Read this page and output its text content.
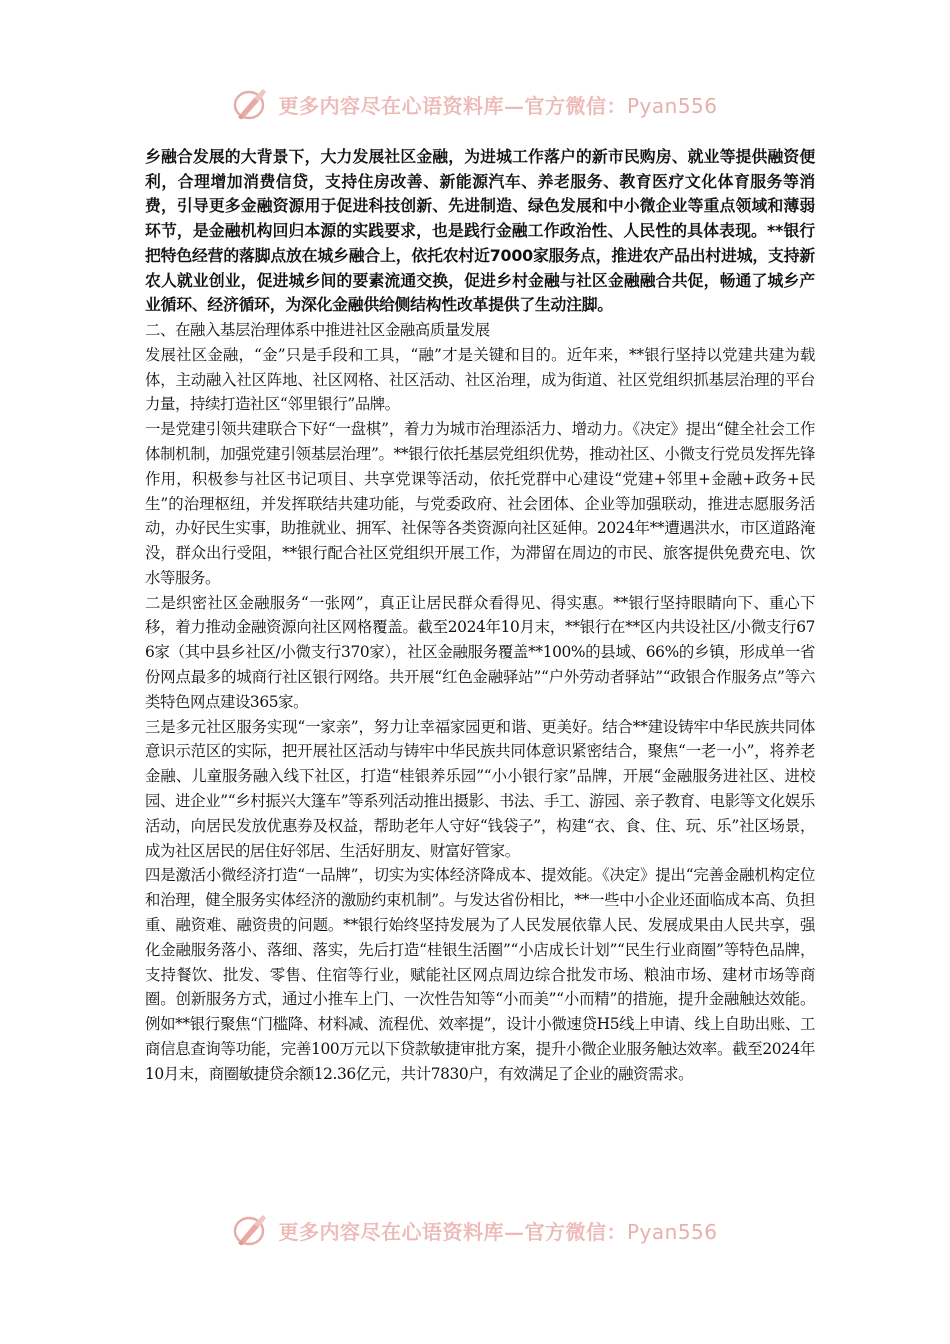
更多内容尽在心语资料库—官方微信：Pyan556

乡融合发展的大背景下，大力发展社区金融，为进城工作落户的新市民购房、就业等提供融资便利，合理增加消费信贷，支持住房改善、新能源汽车、养老服务、教育医疗文化体育服务等消费，引导更多金融资源用于促进科技创新、先进制造、绿色发展和中小微企业等重点领域和薄弱环节，是金融机构回归本源的实践要求，也是践行金融工作政治性、人民性的具体表现。**银行把特色经营的落脚点放在城乡融合上，依托农村近7000家服务点，推进农产品出村进城，支持新农人就业创业，促进城乡间的要素流通交换，促进乡村金融与社区金融融合共促，畅通了城乡产业循环、经济循环，为深化金融供给侧结构性改革提供了生动注脚。

二、在融入基层治理体系中推进社区金融高质量发展

发展社区金融，“金”只是手段和工具，“融”才是关键和目的。近年来，**银行坚持以党建共建为载体，主动融入社区阵地、社区网格、社区活动、社区治理，成为街道、社区党组织抓基层治理的平台力量，持续打造社区“邻里银行”品牌。

一是党建引领共建联合下好“一盘棋”，着力为城市治理添活力、增动力。《决定》提出“健全社会工作体制机制，加强党建引领基层治理”。**银行依托基层党组织优势，推动社区、小微支行党员发挥先锋作用，积极参与社区书记项目、共享党课等活动，依托党群中心建设“党建+邻里+金融+政务+民生”的治理枢纽，并发挥联结共建功能，与党委政府、社会团体、企业等加强联动，推进志愿服务活动，办好民生实事，助推就业、拥军、社保等各类资源向社区延伸。2024年**遭遇洪水，市区道路淹没，群众出行受阻，**银行配合社区党组织开展工作，为滞留在周边的市民、旅客提供免费充电、饮水等服务。

二是织密社区金融服务“一张网”，真正让居民群众看得见、得实惠。**银行坚持眼睛向下、重心下移，着力推动金融资源向社区网格覆盖。截至2024年10月末，**银行在**区内共设社区/小微支行676家（其中县乡社区/小微支行370家），社区金融服务覆盖**100%的县域、66%的乡镇，形成单一省份网点最多的城商行社区银行网络。共开展“红色金融驿站”“户外劳动者驿站”“政银合作服务点”等六类特色网点建设365家。

三是多元社区服务实现“一家亲”，努力让幸福家园更和谐、更美好。结合**建设铸牢中华民族共同体意识示范区的实际，把开展社区活动与铸牢中华民族共同体意识紧密结合，聚焦“一老一小”，将养老金融、儿童服务融入线下社区，打造“桂银养乐园”“小小银行家”品牌，开展“金融服务进社区、进校园、进企业”“乡村振兴大篷车”等系列活动推出摄影、书法、手工、游园、亲子教育、电影等文化娱乐活动，向居民发放优惠券及权益，帮助老年人守好“钱袋子”，构建“衣、食、住、玩、乐”社区场景，成为社区居民的居住好邻居、生活好朋友、财富好管家。

四是激活小微经济打造“一品牌”，切实为实体经济降成本、提效能。《决定》提出“完善金融机构定位和治理，健全服务实体经济的激励约束机制”。与发达省份相比，**一些中小企业还面临成本高、负担重、融资难、融资贵的问题。**银行始终坚持发展为了人民发展依靠人民、发展成果由人民共享，强化金融服务落小、落细、落实，先后打造“桂银生活圈”“小店成长计划”“民生行业商圈”等特色品牌，支持餐饮、批发、零售、住宿等行业，赋能社区网点周边综合批发市场、粮油市场、建材市场等商圈。创新服务方式，通过小推车上门、一次性告知等“小而美”“小而精”的措施，提升金融触达效能。例如**银行聚焦“门槛降、材料减、流程优、效率提”，设计小微速贷H5线上申请、线上自助出账、工商信息查询等功能，完善100万元以下贷款敏捷审批方案，提升小微企业服务触达效率。截至2024年10月末，商圈敏捷贷余额12.36亿元，共计7830户，有效满足了企业的融资需求。

更多内容尽在心语资料库—官方微信：Pyan556
